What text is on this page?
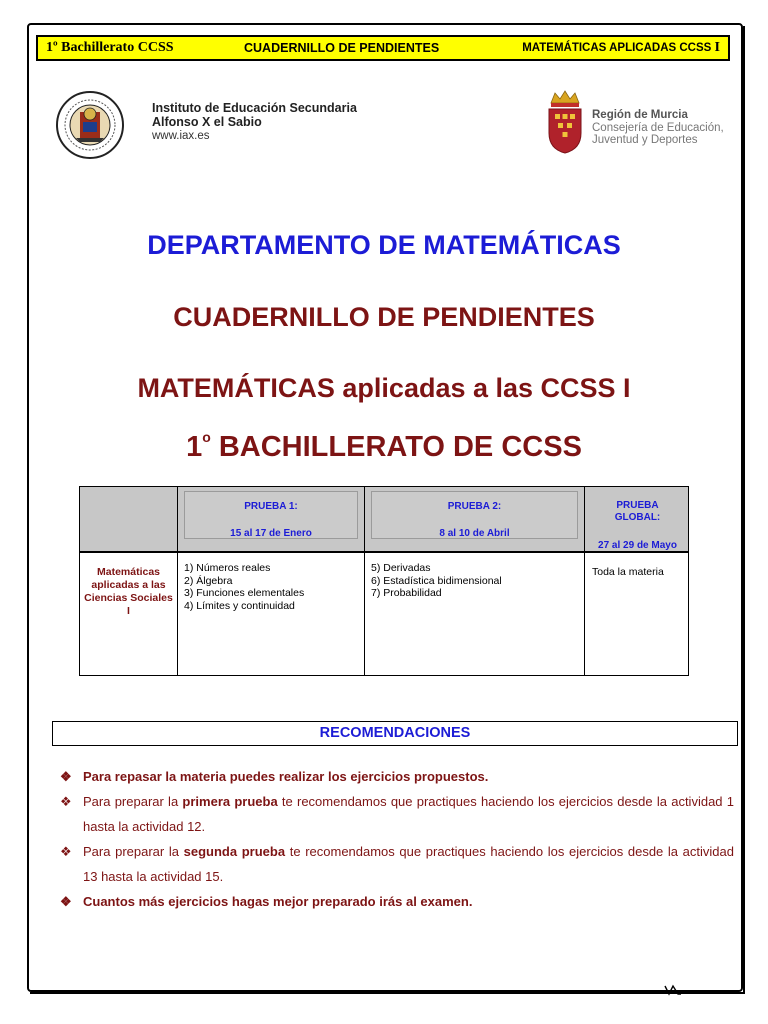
1º Bachillerato CCSS	CUADERNILLO DE PENDIENTES	MATEMÁTICAS APLICADAS CCSS I
Instituto de Educación Secundaria
Alfonso X el Sabio
www.iax.es
Región de Murcia
Consejería de Educación,
Juventud y Deportes
DEPARTAMENTO DE MATEMÁTICAS
CUADERNILLO DE PENDIENTES
MATEMÁTICAS aplicadas a las CCSS I
1$^o$ BACHILLERATO DE CCSS
PRUEBA 1:
15 al 17 de Enero
PRUEBA 2:
8 al 10 de Abril
PRUEBA
GLOBAL:
27 al 29 de Mayo
Matemáticas aplicadas a las Ciencias Sociales I
1) Números reales
2) Álgebra
3) Funciones elementales
4) Límites y continuidad
5) Derivadas
6) Estadística bidimensional
7) Probabilidad
Toda la materia
RECOMENDACIONES
❖ Para repasar la materia puedes realizar los ejercicios propuestos.
❖ Para preparar la primera prueba te recomendamos que practiques haciendo los ejercicios desde la actividad 1 hasta la actividad 12.
❖ Para preparar la segunda prueba te recomendamos que practiques haciendo los ejercicios desde la actividad 13 hasta la actividad 15.
❖ Cuantos más ejercicios hagas mejor preparado irás al examen.
